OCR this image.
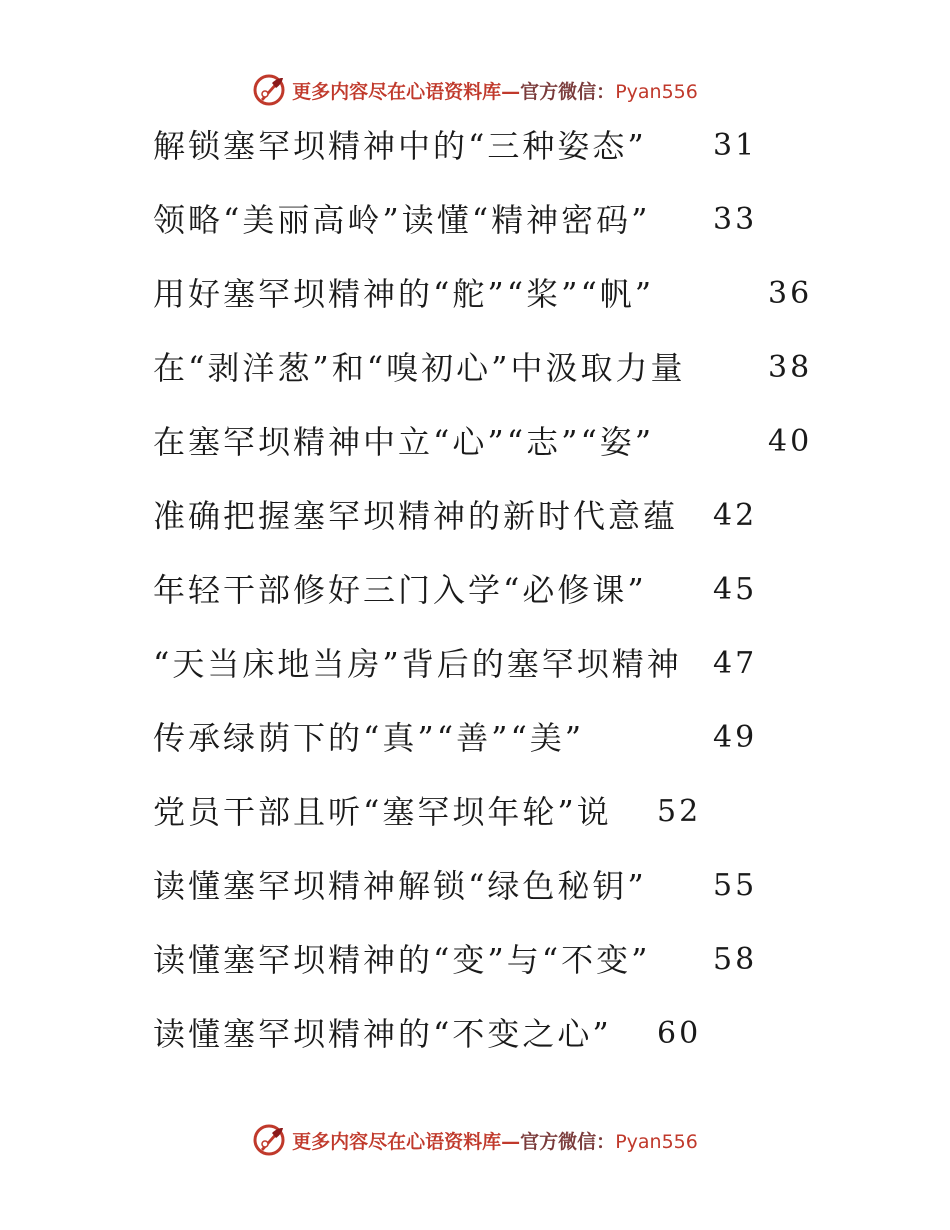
更多内容尽在心语资料库—官方微信：Pyan556
解锁塞罕坝精神中的“三种姿态” 31
领略“美丽高岭”读懂“精神密码” 33
用好塞罕坝精神的“舵”“桨”“帆”	36
在“剥洋葱”和“嗅初心”中汲取力量	38
在塞罕坝精神中立“心”“志”“姿”	40
准确把握塞罕坝精神的新时代意蕴 42
年轻干部修好三门入学“必修课” 45
“天当床地当房”背后的塞罕坝精神 47
传承绿荫下的“真”“善”“美”	49
党员干部且听“塞罕坝年轮”说 52
读懂塞罕坝精神解锁“绿色秘钥” 55
读懂塞罕坝精神的“变”与“不变” 58
读懂塞罕坝精神的“不变之心” 60
更多内容尽在心语资料库—官方微信：Pyan556
